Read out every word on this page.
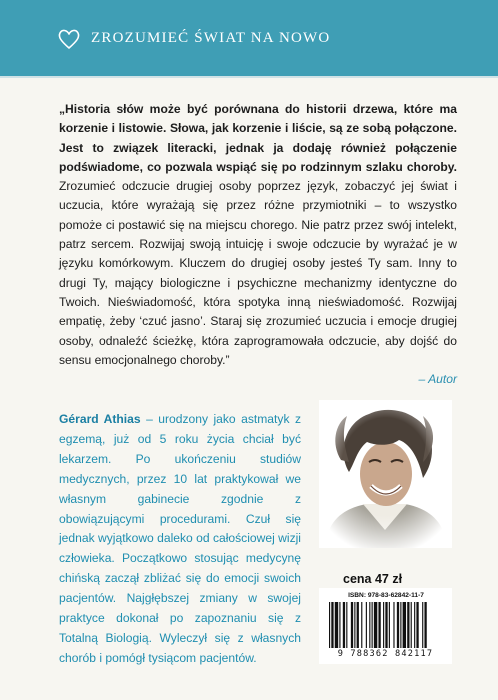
ZROZUMIEĆ ŚWIAT NA NOWO
„Historia słów może być porównana do historii drzewa, które ma korzenie i listowie. Słowa, jak korzenie i liście, są ze sobą połączone. Jest to związek literacki, jednak ja dodaję również połączenie podświadome, co pozwala wspiąć się po rodzinnym szlaku choroby. Zrozumieć odczucie drugiej osoby poprzez język, zobaczyć jej świat i uczucia, które wyrażają się przez różne przymiotniki – to wszystko pomoże ci postawić się na miejscu chorego. Nie patrz przez swój intelekt, patrz sercem. Rozwijaj swoją intuicję i swoje odczucie by wyrażać je w języku komórkowym. Kluczem do drugiej osoby jesteś Ty sam. Inny to drugi Ty, mający biologiczne i psychiczne mechanizmy identyczne do Twoich. Nieświadomość, która spotyka inną nieświadomość. Rozwijaj empatię, żeby ‘czuć jasno’. Staraj się zrozumieć uczucia i emocje drugiej osoby, odnaleźć ścieżkę, która zaprogramowała odczucie, aby dojść do sensu emocjonalnego choroby.”
– Autor
Gérard Athias – urodzony jako astmatyk z egzemą, już od 5 roku życia chciał być lekarzem. Po ukończeniu studiów medycznych, przez 10 lat praktykował we własnym gabinecie zgodnie z obowiązującymi procedurami. Czuł się jednak wyjątkowo daleko od całościowej wizji człowieka. Początkowo stosując medycynę chińską zaczął zbliżać się do emocji swoich pacjentów. Najgłębszej zmiany w swojej praktyce dokonał po zapoznaniu się z Totalną Biologią. Wyleczył się z własnych chorób i pomógł tysiącom pacjentów.
cena 47 zł
ISBN: 978-83-62842-11-7
9 788362 842117
